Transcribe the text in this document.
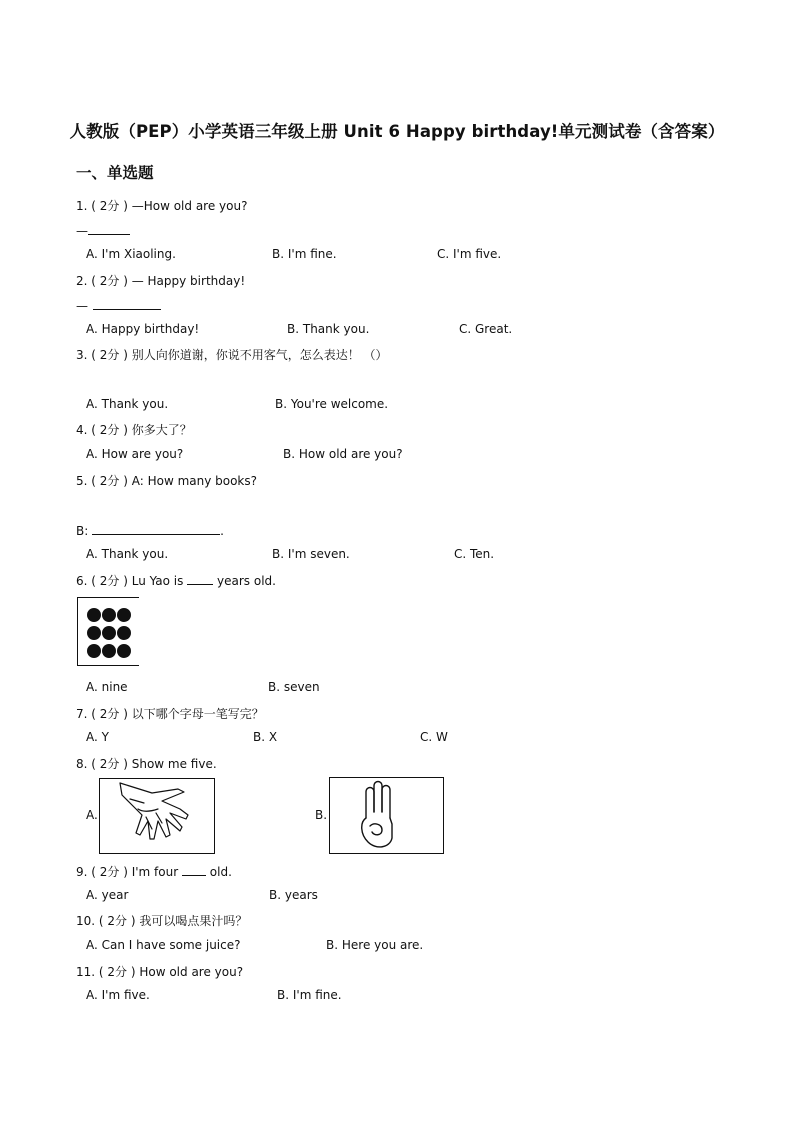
人教版（PEP）小学英语三年级上册 Unit 6 Happy birthday!单元测试卷（含答案）
一、单选题
1. ( 2分 ) —How old are you?
—
A. I'm Xiaoling.	B. I'm fine.	C. I'm five.
2. ( 2分 ) — Happy birthday!
—
A. Happy birthday!	B. Thank you.	C. Great.
3. ( 2分 ) 别人向你道谢，你说不用客气，怎么表达！ （）
A. Thank you.	B. You're welcome.
4. ( 2分 ) 你多大了？
A. How are you?	B. How old are you?
5. ( 2分 ) A: How many books?
B:	.
A. Thank you.	B. I'm seven.	C. Ten.
6. ( 2分 ) Lu Yao is  years old.
A. nine	B. seven
7. ( 2分 ) 以下哪个字母一笔写完？
A. Y	B. X	C. W
8. ( 2分 ) Show me five.
A.	B.
9. ( 2分 ) I'm four  old.
A. year	B. years
10. ( 2分 ) 我可以喝点果汁吗？
A. Can I have some juice?	B. Here you are.
11. ( 2分 ) How old are you?
A. I'm five.	B. I'm fine.
